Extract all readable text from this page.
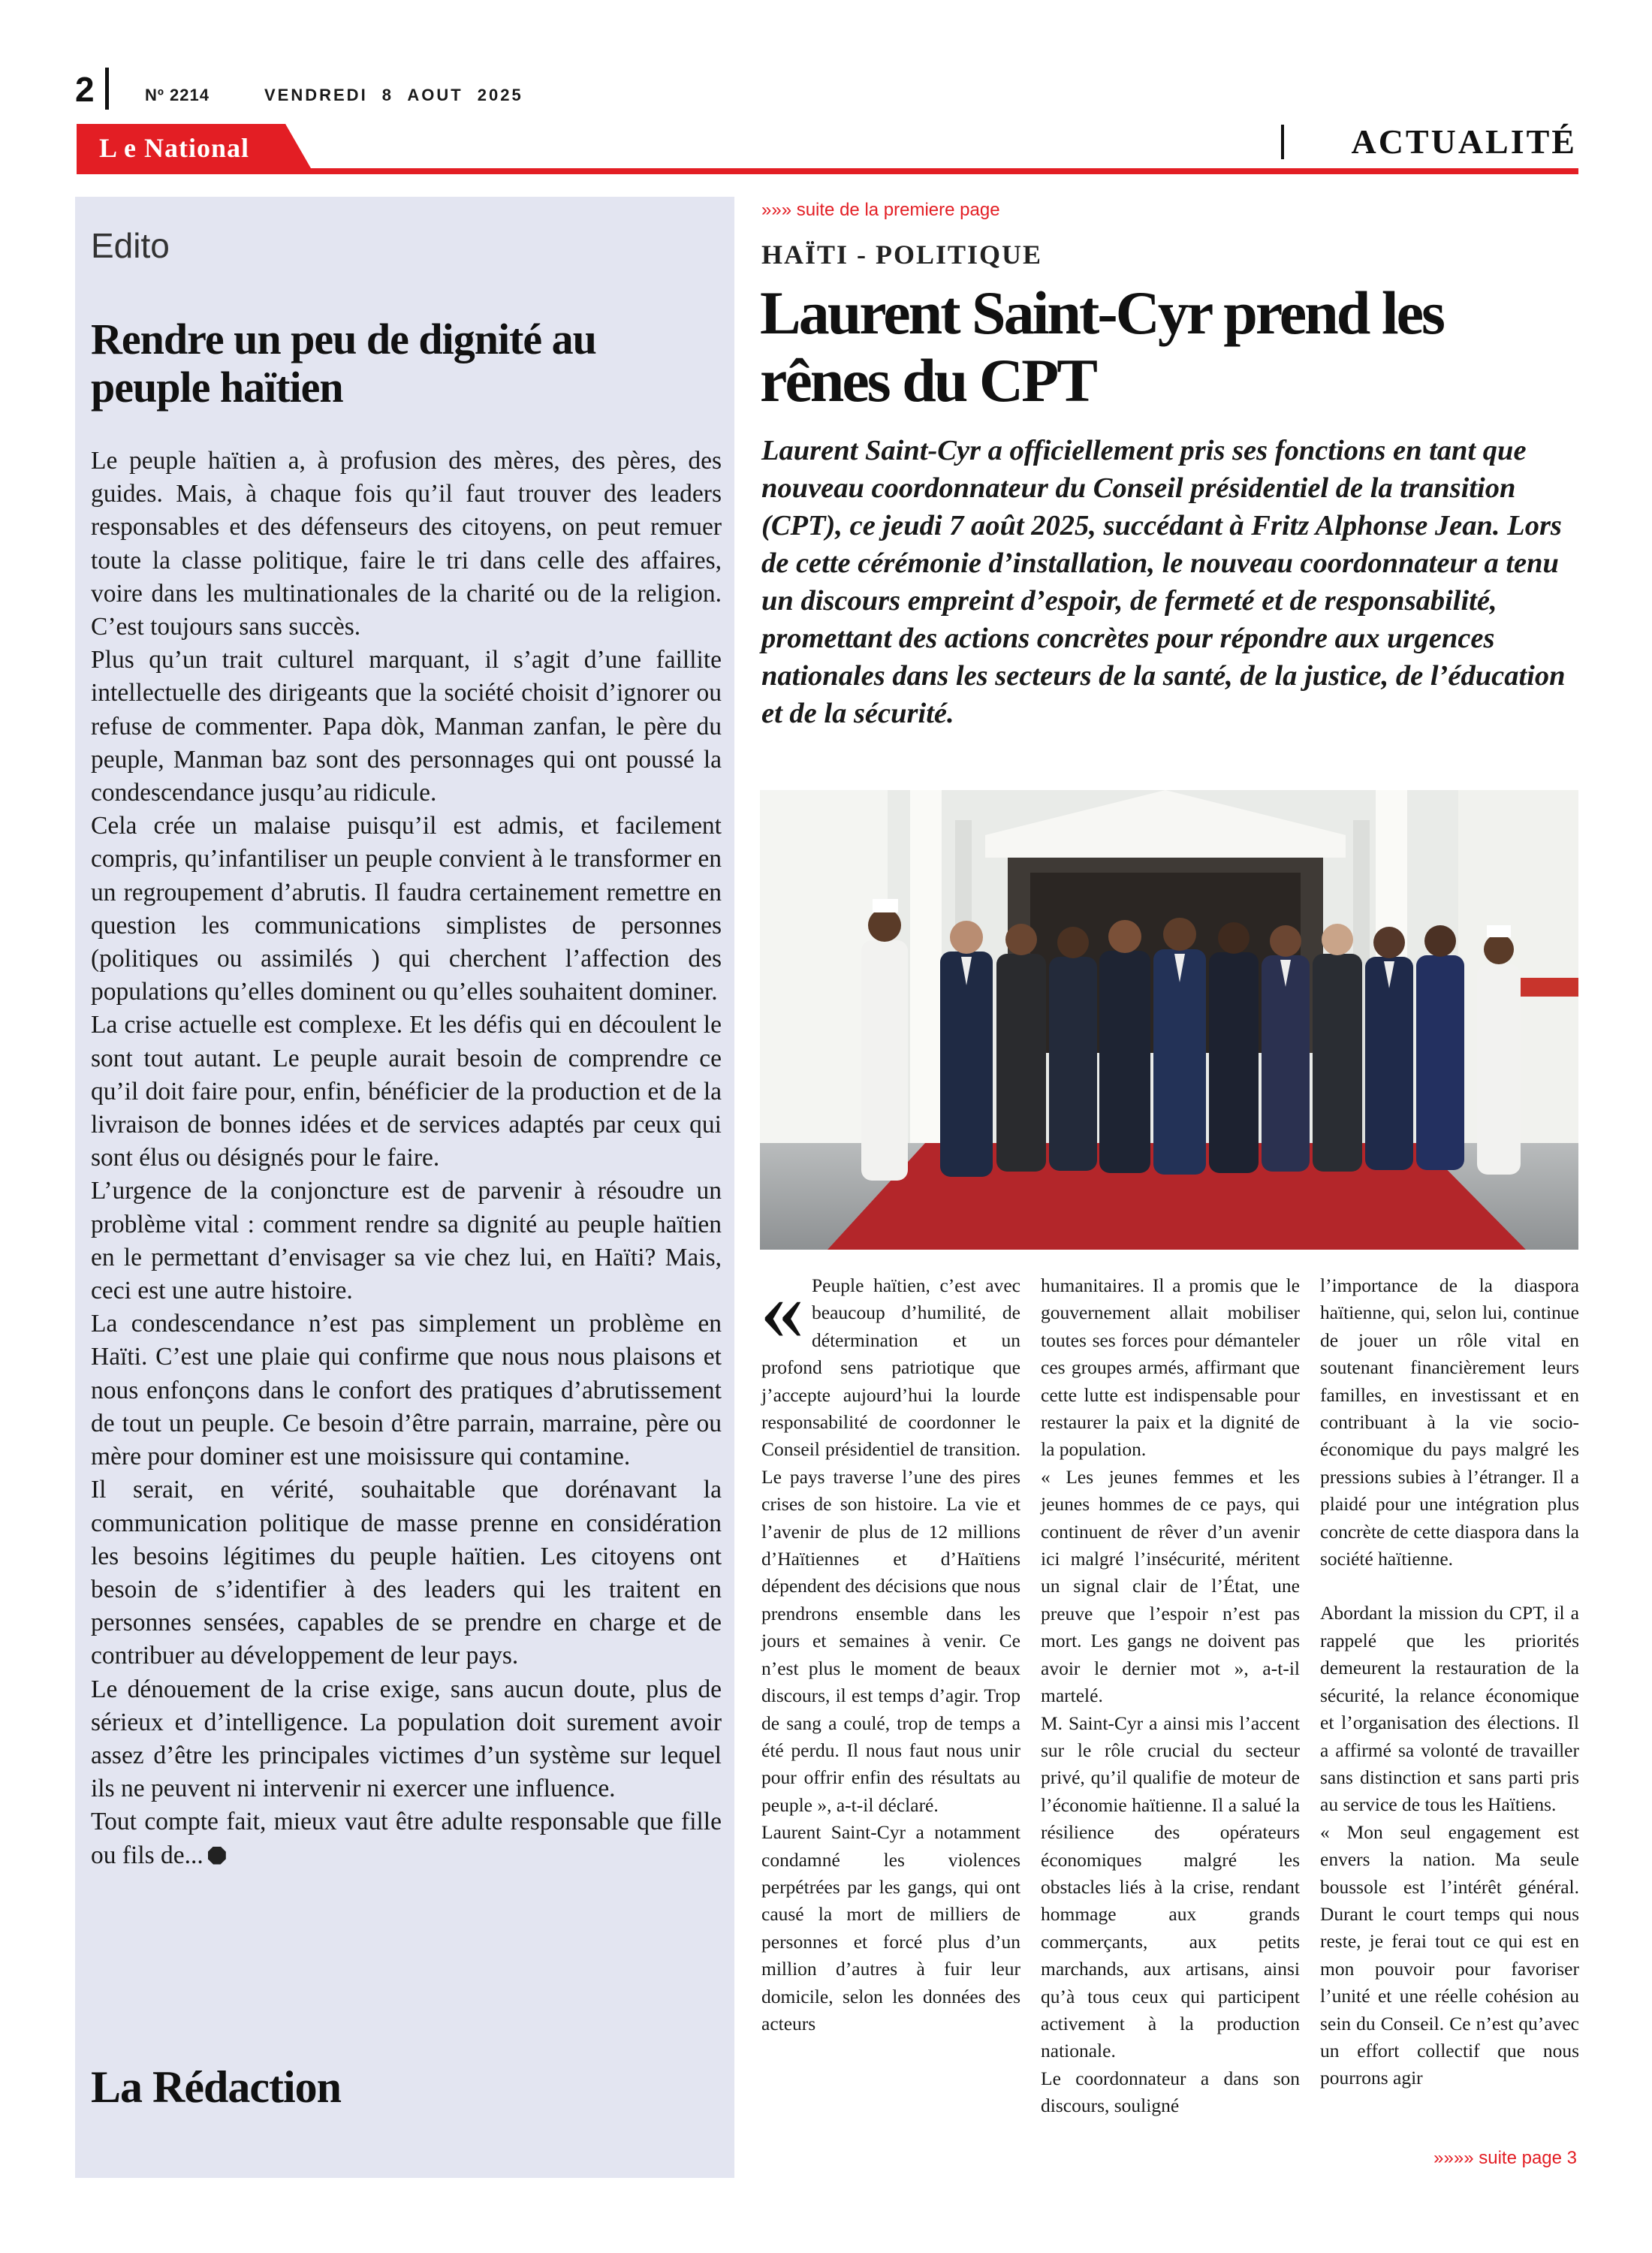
2	Nº 2214	VENDREDI 8 AOUT 2025
L e National	ACTUALITÉ
Edito
Rendre un peu de dignité au peuple haïtien

Le peuple haïtien a, à profusion des mères, des pères, des guides. Mais, à chaque fois qu’il faut trouver des leaders responsables et des défenseurs des citoyens, on peut remuer toute la classe politique, faire le tri dans celle des affaires, voire dans les multinationales de la charité ou de la religion. C’est toujours sans succès.

Plus qu’un trait culturel marquant, il s’agit d’une faillite intellectuelle des dirigeants que la société choisit d’ignorer ou refuse de commenter. Papa dòk, Manman zanfan, le père du peuple, Manman baz sont des personnages qui ont poussé la condescendance jusqu’au ridicule.

Cela crée un malaise puisqu’il est admis, et facilement compris, qu’infantiliser un peuple convient à le transformer en un regroupement d’abrutis. Il faudra certainement remettre en question les communications simplistes de personnes (politiques ou assimilés ) qui cherchent l’affection des populations qu’elles dominent ou qu’elles souhaitent dominer.

La crise actuelle est complexe. Et les défis qui en découlent le sont tout autant. Le peuple aurait besoin de comprendre ce qu’il doit faire pour, enfin, bénéficier de la production et de la livraison de bonnes idées et de services adaptés par ceux qui sont élus ou désignés pour le faire.

L’urgence de la conjoncture est de parvenir à résoudre un problème vital : comment rendre sa dignité au peuple haïtien en le permettant d’envisager sa vie chez lui, en Haïti? Mais, ceci est une autre histoire.

La condescendance n’est pas simplement un problème en Haïti. C’est une plaie qui confirme que nous nous plaisons et nous enfonçons dans le confort des pratiques d’abrutissement de tout un peuple. Ce besoin d’être parrain, marraine, père ou mère pour dominer est une moisissure qui contamine.

Il serait, en vérité, souhaitable que dorénavant la communication politique de masse prenne en considération les besoins légitimes du peuple haïtien. Les citoyens ont besoin de s’identifier à des leaders qui les traitent en personnes sensées, capables de se prendre en charge et de contribuer au développement de leur pays.

Le dénouement de la crise exige, sans aucun doute, plus de sérieux et d’intelligence. La population doit surement avoir assez d’être les principales victimes d’un système sur lequel ils ne peuvent ni intervenir ni exercer une influence.

Tout compte fait, mieux vaut être adulte responsable que fille ou fils de...

La Rédaction
»»» suite de la premiere page
HAÏTI - POLITIQUE
Laurent Saint-Cyr prend les rênes du CPT
Laurent Saint-Cyr a officiellement pris ses fonctions en tant que nouveau coordonnateur du Conseil présidentiel de la transition (CPT), ce jeudi 7 août 2025, succédant à Fritz Alphonse Jean. Lors de cette cérémonie d’installation, le nouveau coordonnateur a tenu un discours empreint d’espoir, de fermeté et de responsabilité, promettant des actions concrètes pour répondre aux urgences nationales dans les secteurs de la santé, de la justice, de l’éducation et de la sécurité.
« Peuple haïtien, c’est avec beaucoup d’humilité, de détermination et un profond sens patriotique que j’accepte aujourd’hui la lourde responsabilité de coordonner le Conseil présidentiel de transition. Le pays traverse l’une des pires crises de son histoire. La vie et l’avenir de plus de 12 millions d’Haïtiennes et d’Haïtiens dépendent des décisions que nous prendrons ensemble dans les jours et semaines à venir. Ce n’est plus le moment de beaux discours, il est temps d’agir. Trop de sang a coulé, trop de temps a été perdu. Il nous faut nous unir pour offrir enfin des résultats au peuple », a-t-il déclaré.

Laurent Saint-Cyr a notamment condamné les violences perpétrées par les gangs, qui ont causé la mort de milliers de personnes et forcé plus d’un million d’autres à fuir leur domicile, selon les données des acteurs

humanitaires. Il a promis que le gouvernement allait mobiliser toutes ses forces pour démanteler ces groupes armés, affirmant que cette lutte est indispensable pour restaurer la paix et la dignité de la population.

« Les jeunes femmes et les jeunes hommes de ce pays, qui continuent de rêver d’un avenir ici malgré l’insécurité, méritent un signal clair de l’État, une preuve que l’espoir n’est pas mort. Les gangs ne doivent pas avoir le dernier mot », a-t-il martelé.

M. Saint-Cyr a ainsi mis l’accent sur le rôle crucial du secteur privé, qu’il qualifie de moteur de l’économie haïtienne. Il a salué la résilience des opérateurs économiques malgré les obstacles liés à la crise, rendant hommage aux grands commerçants, aux petits marchands, aux artisans, ainsi qu’à tous ceux qui participent activement à la production nationale.

Le coordonnateur a dans son discours, souligné

l’importance de la diaspora haïtienne, qui, selon lui, continue de jouer un rôle vital en soutenant financièrement leurs familles, en investissant et en contribuant à la vie socio-économique du pays malgré les pressions subies à l’étranger. Il a plaidé pour une intégration plus concrète de cette diaspora dans la société haïtienne.

Abordant la mission du CPT, il a rappelé que les priorités demeurent la restauration de la sécurité, la relance économique et l’organisation des élections. Il a affirmé sa volonté de travailler sans distinction et sans parti pris au service de tous les Haïtiens.

« Mon seul engagement est envers la nation. Ma seule boussole est l’intérêt général. Durant le court temps qui nous reste, je ferai tout ce qui est en mon pouvoir pour favoriser l’unité et une réelle cohésion au sein du Conseil. Ce n’est qu’avec un effort collectif que nous pourrons agir

»»»» suite page 3
